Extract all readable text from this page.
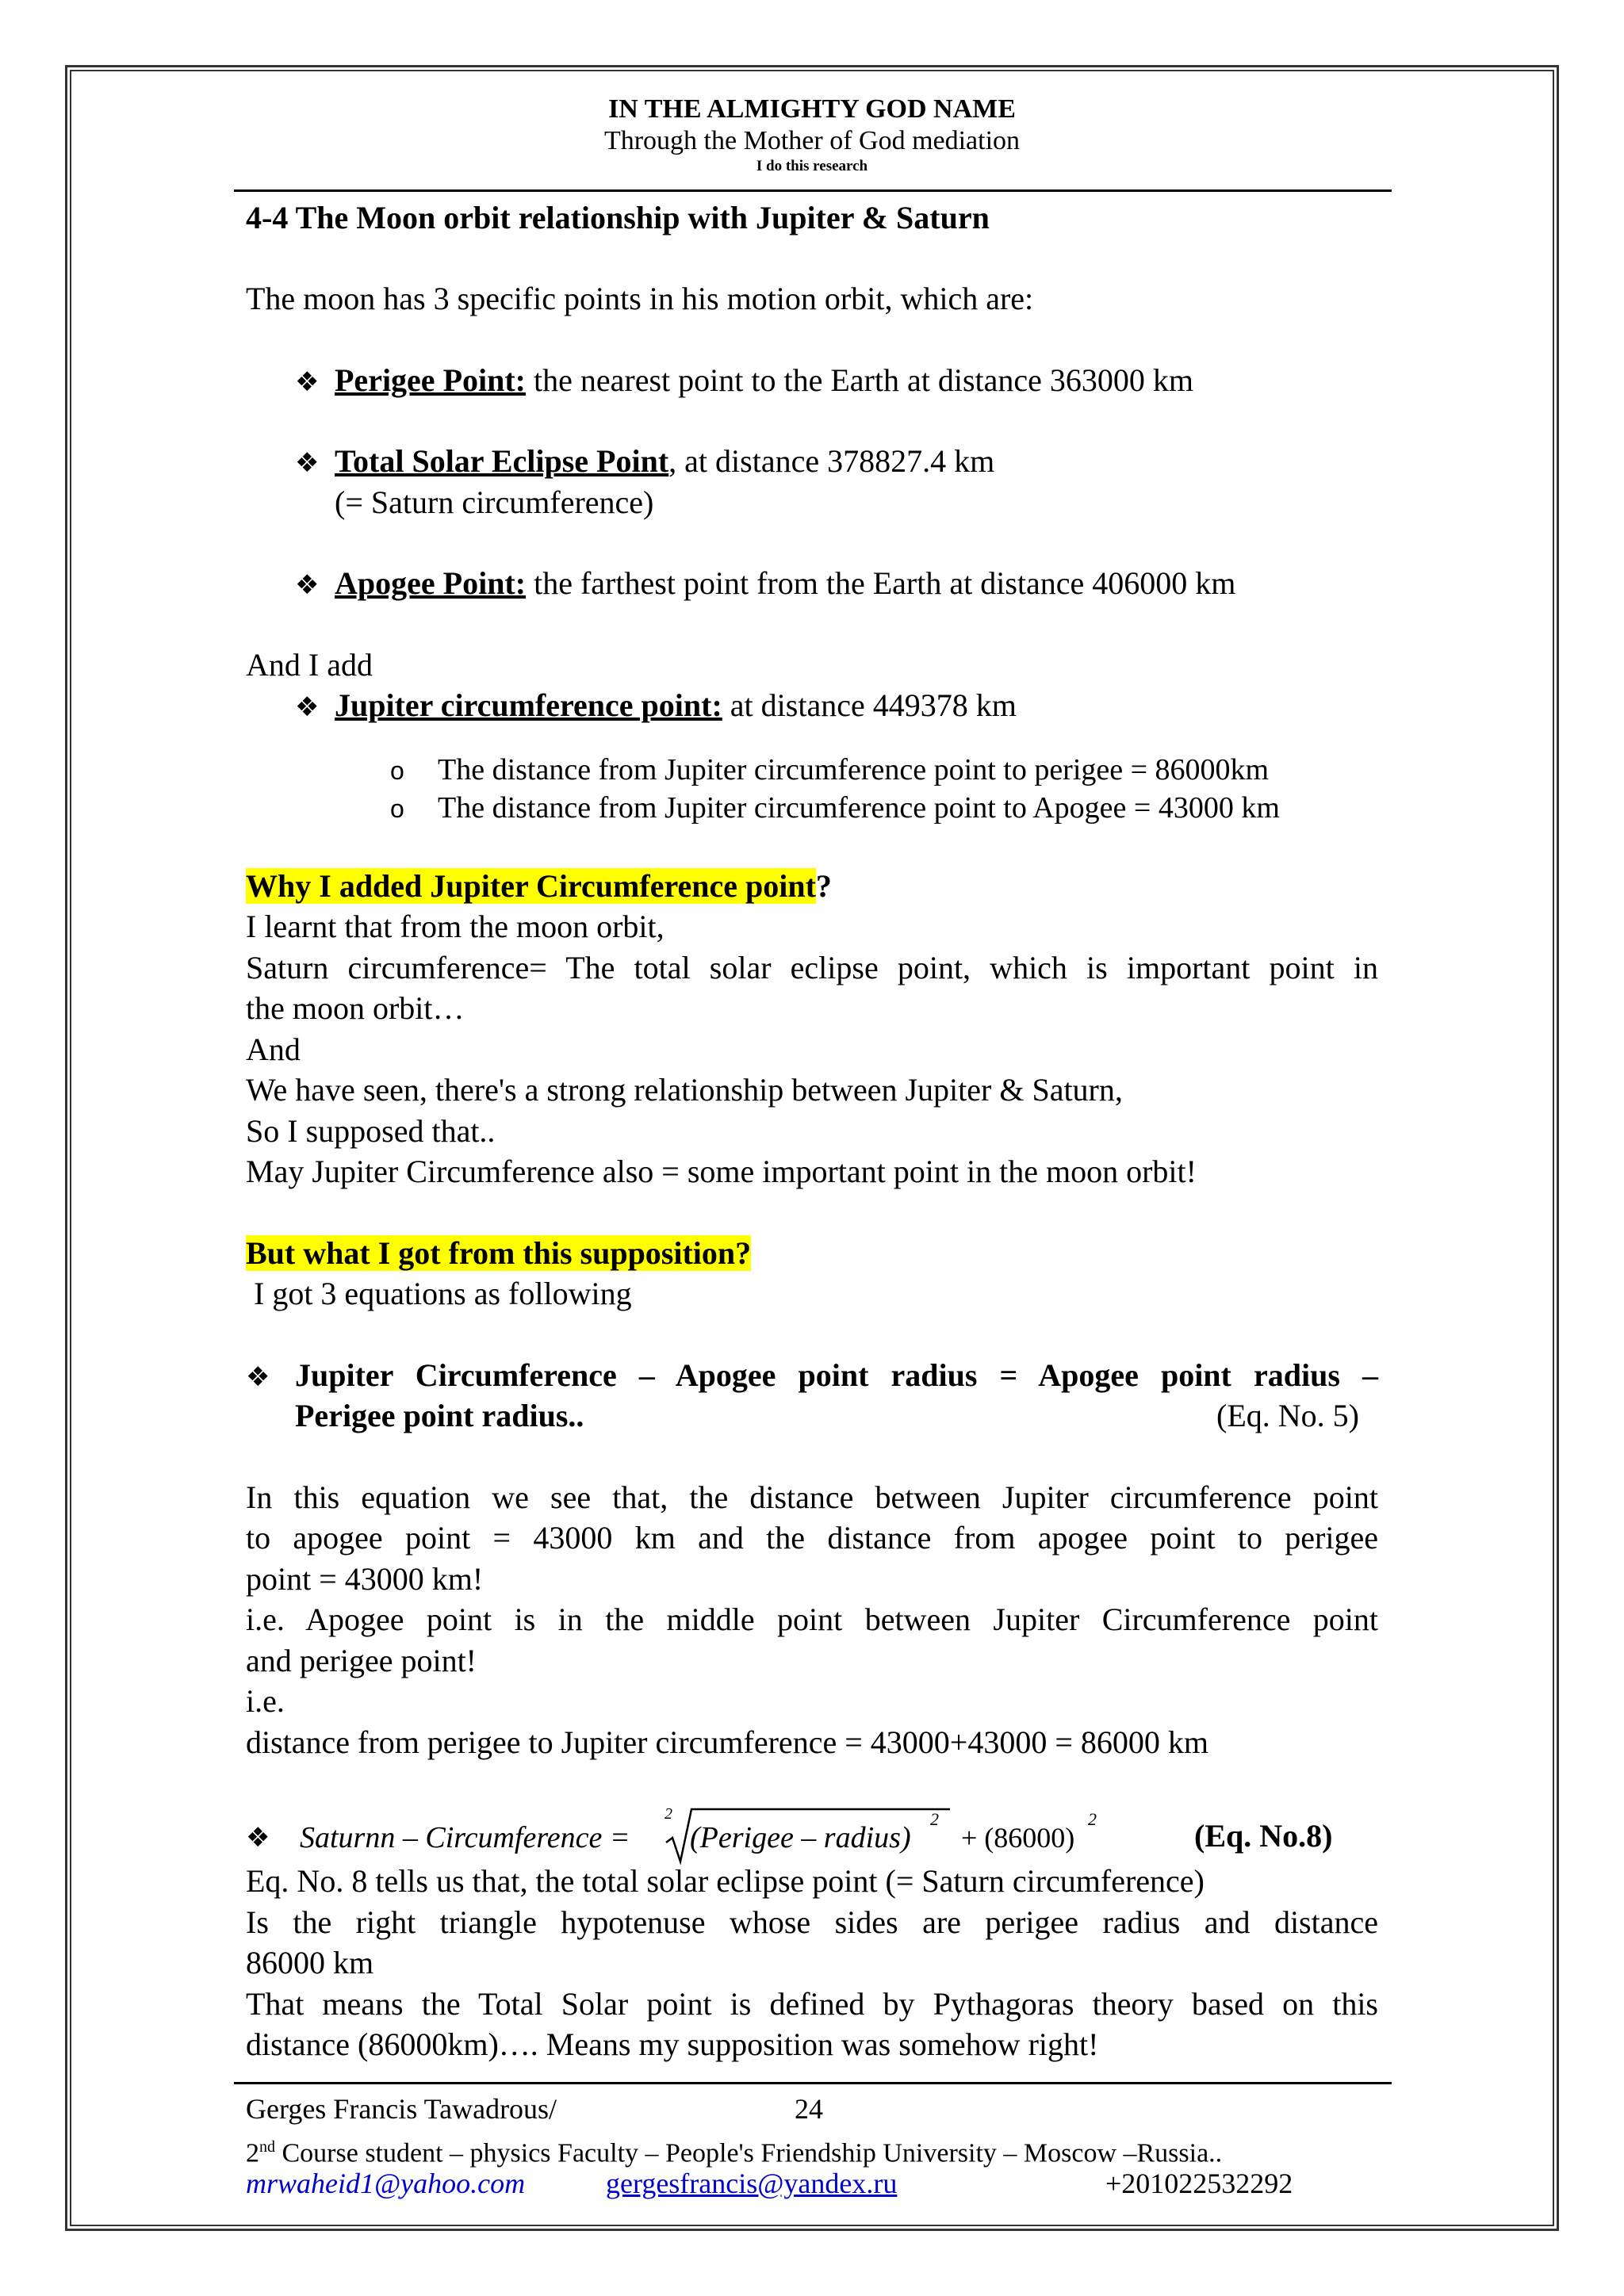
IN THE ALMIGHTY GOD NAME
Through the Mother of God mediation
I do this research
4-4 The Moon orbit relationship with Jupiter & Saturn
The moon has 3 specific points in his motion orbit, which are:
❖ Perigee Point: the nearest point to the Earth at distance 363000 km
❖ Total Solar Eclipse Point, at distance 378827.4 km
(= Saturn circumference)
❖ Apogee Point: the farthest point from the Earth at distance 406000 km
And I add
❖ Jupiter circumference point: at distance 449378 km
o The distance from Jupiter circumference point to perigee = 86000km
o The distance from Jupiter circumference point to Apogee = 43000 km
Why I added Jupiter Circumference point?
I learnt that from the moon orbit,
Saturn circumference= The total solar eclipse point, which is important point in
the moon orbit…
And
We have seen, there's a strong relationship between Jupiter & Saturn,
So I supposed that..
May Jupiter Circumference also = some important point in the moon orbit!
But what I got from this supposition?
I got 3 equations as following
❖ Jupiter Circumference – Apogee point radius = Apogee point radius –
Perigee point radius..	(Eq. No. 5)
In this equation we see that, the distance between Jupiter circumference point
to apogee point = 43000 km and the distance from apogee point to perigee
point = 43000 km!
i.e. Apogee point is in the middle point between Jupiter Circumference point
and perigee point!
i.e.
distance from perigee to Jupiter circumference = 43000+43000 = 86000 km
❖ Saturnn – Circumference =
2
(Perigee – radius)
2
+ (86000)
2	(Eq. No.8)
Eq. No. 8 tells us that, the total solar eclipse point (= Saturn circumference)
Is the right triangle hypotenuse whose sides are perigee radius and distance
86000 km
That means the Total Solar point is defined by Pythagoras theory based on this
distance (86000km)…. Means my supposition was somehow right!
Gerges Francis Tawadrous/	24
2nd Course student – physics Faculty – People's Friendship University – Moscow –Russia..
mrwaheid1@yahoo.com	gergesfrancis@yandex.ru	+201022532292
